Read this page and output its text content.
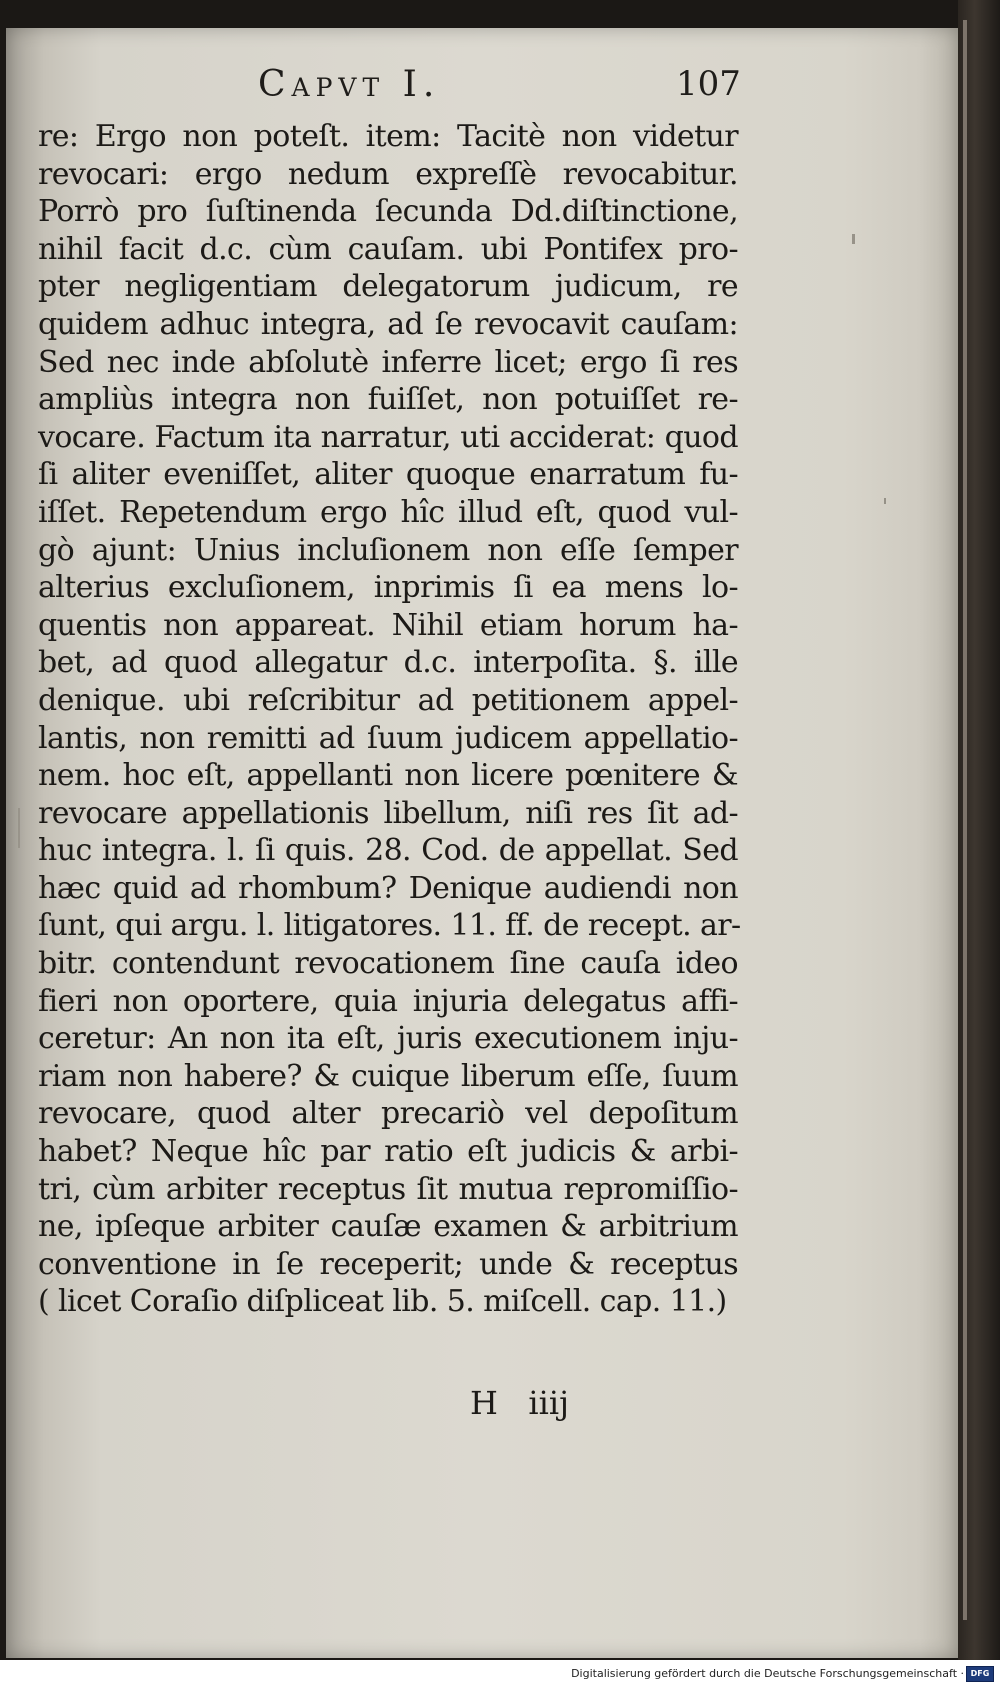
Capvt I.	107
re: Ergo non poteſt. item: Tacitè non videtur
revocari: ergo nedum expreſſè revocabitur.
Porrò pro ſuſtinenda ſecunda Dd.diſtinctione,
nihil facit d.c. cùm cauſam. ubi Pontifex pro-
pter negligentiam delegatorum judicum, re
quidem adhuc integra, ad ſe revocavit cauſam:
Sed nec inde abſolutè inferre licet; ergo ſi res
ampliùs integra non fuiſſet, non potuiſſet re-
vocare. Factum ita narratur, uti acciderat: quod
ſi aliter eveniſſet, aliter quoque enarratum fu-
iſſet. Repetendum ergo hîc illud eſt, quod vul-
gò ajunt: Unius incluſionem non eſſe ſemper
alterius excluſionem, inprimis ſi ea mens lo-
quentis non appareat. Nihil etiam horum ha-
bet, ad quod allegatur d.c. interpoſita. §. ille
denique. ubi reſcribitur ad petitionem appel-
lantis, non remitti ad ſuum judicem appellatio-
nem. hoc eſt, appellanti non licere pœnitere &
revocare appellationis libellum, niſi res ſit ad-
huc integra. l. ſi quis. 28. Cod. de appellat. Sed
hæc quid ad rhombum? Denique audiendi non
ſunt, qui argu. l. litigatores. 11. ff. de recept. ar-
bitr. contendunt revocationem ſine cauſa ideo
fieri non oportere, quia injuria delegatus affi-
ceretur: An non ita eſt, juris executionem inju-
riam non habere? & cuique liberum eſſe, ſuum
revocare, quod alter precariò vel depoſitum
habet? Neque hîc par ratio eſt judicis & arbi-
tri, cùm arbiter receptus ſit mutua repromiſſio-
ne, ipſeque arbiter cauſæ examen & arbitrium
conventione in ſe receperit; unde & receptus
( licet Coraſio diſpliceat lib. 5. miſcell. cap. 11.)
H   iiij
Digitalisierung gefördert durch die Deutsche Forschungsgemeinschaft · DFG
